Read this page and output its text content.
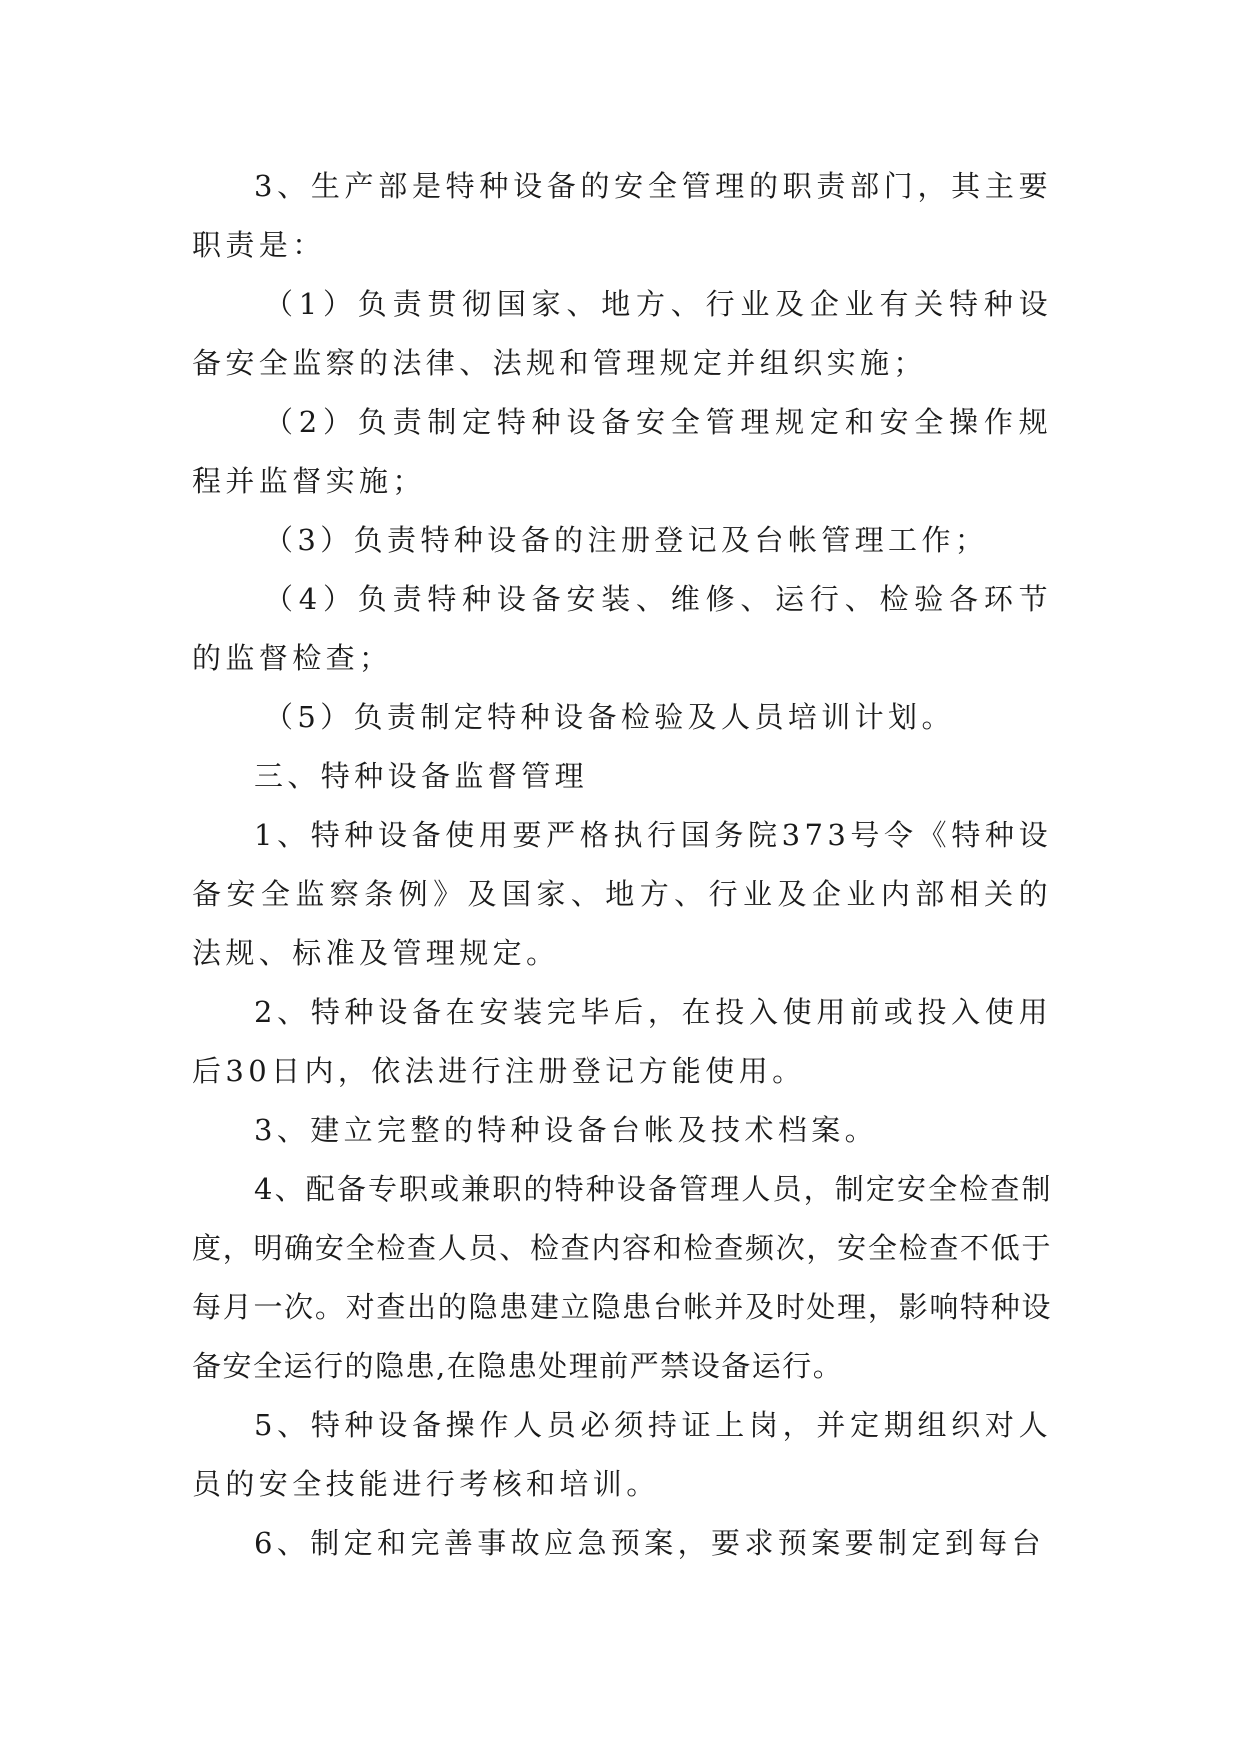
3、生产部是特种设备的安全管理的职责部门，其主要职责是：

（1）负责贯彻国家、地方、行业及企业有关特种设备安全监察的法律、法规和管理规定并组织实施；

（2）负责制定特种设备安全管理规定和安全操作规程并监督实施；

（3）负责特种设备的注册登记及台帐管理工作；

（4）负责特种设备安装、维修、运行、检验各环节的监督检查；

（5）负责制定特种设备检验及人员培训计划。

三、特种设备监督管理

1、特种设备使用要严格执行国务院373号令《特种设备安全监察条例》及国家、地方、行业及企业内部相关的法规、标准及管理规定。

2、特种设备在安装完毕后，在投入使用前或投入使用后30日内，依法进行注册登记方能使用。

3、建立完整的特种设备台帐及技术档案。

4、配备专职或兼职的特种设备管理人员，制定安全检查制度，明确安全检查人员、检查内容和检查频次，安全检查不低于每月一次。对查出的隐患建立隐患台帐并及时处理，影响特种设备安全运行的隐患,在隐患处理前严禁设备运行。

5、特种设备操作人员必须持证上岗，并定期组织对人员的安全技能进行考核和培训。

6、制定和完善事故应急预案，要求预案要制定到每台
